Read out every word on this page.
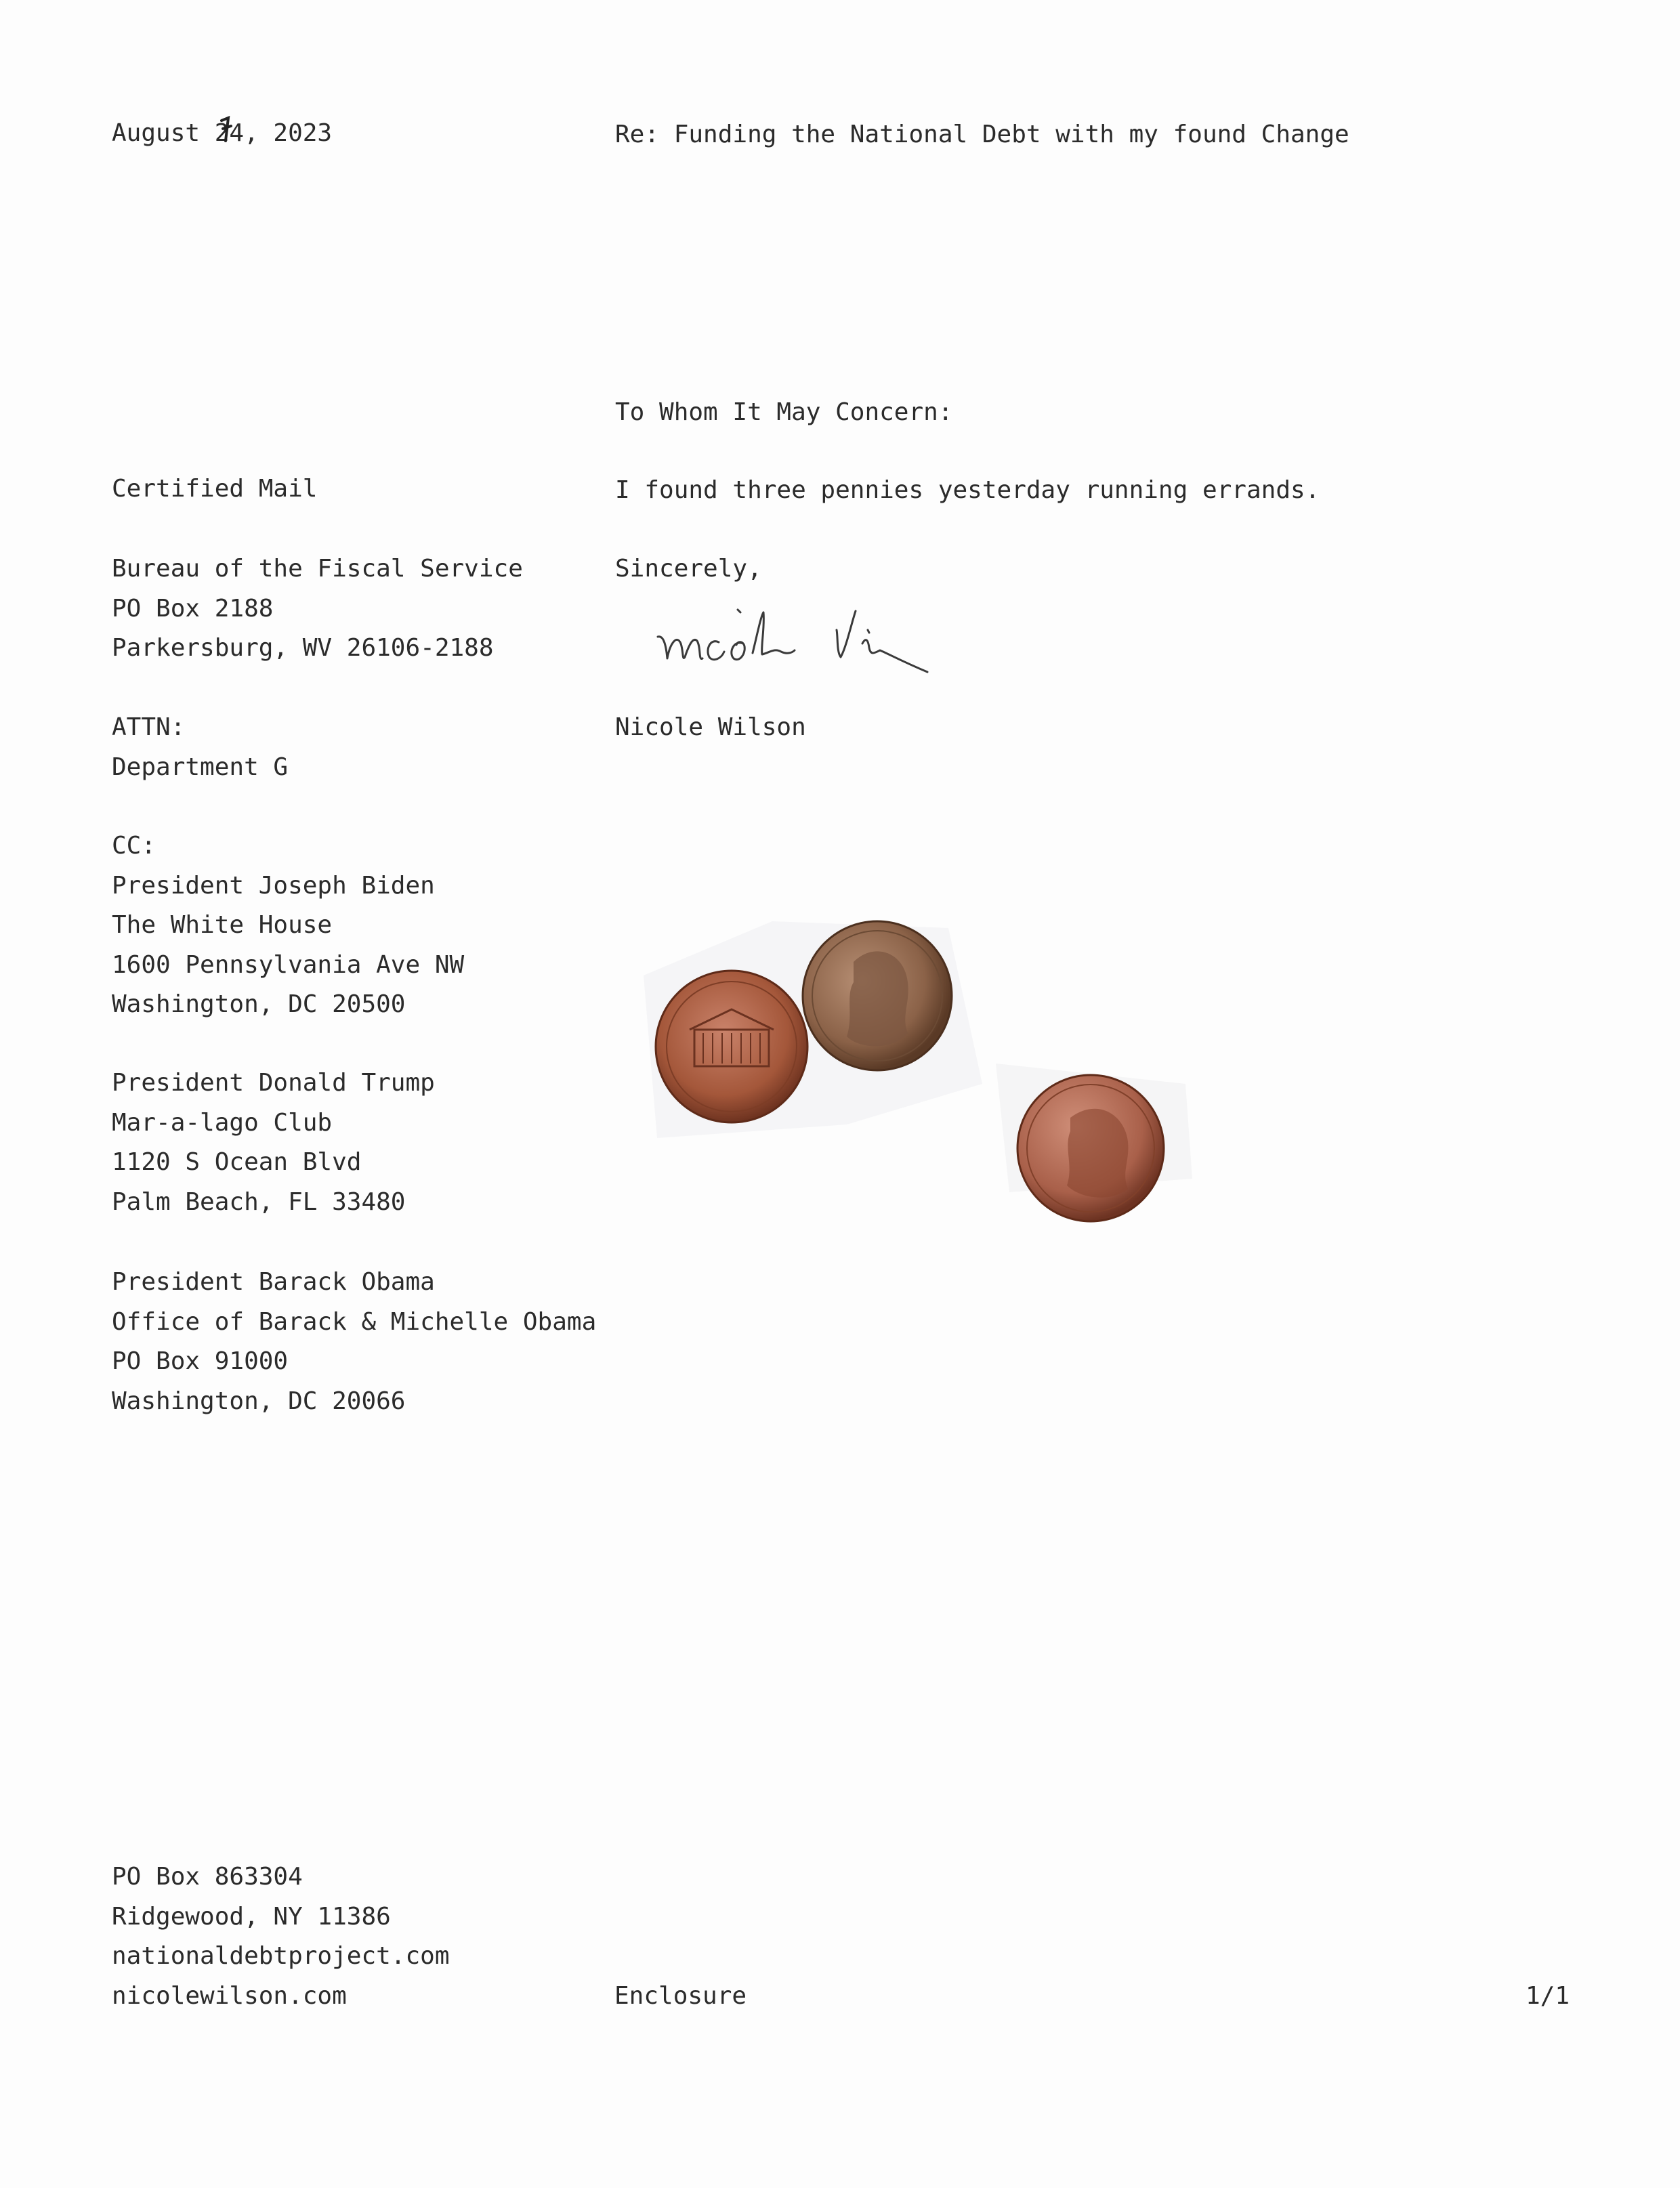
August 24, 2023	Re: Funding the National Debt with my found Change
To Whom It May Concern:
I found three pennies yesterday running errands.
Sincerely,
Nicole Wilson
Certified Mail
Bureau of the Fiscal Service
PO Box 2188
Parkersburg, WV 26106-2188
ATTN:
Department G
CC:
President Joseph Biden
The White House
1600 Pennsylvania Ave NW
Washington, DC 20500
President Donald Trump
Mar-a-lago Club
1120 S Ocean Blvd
Palm Beach, FL 33480
President Barack Obama
Office of Barack & Michelle Obama
PO Box 91000
Washington, DC 20066
PO Box 863304
Ridgewood, NY 11386
nationaldebtproject.com
nicolewilson.com	Enclosure	1/1
